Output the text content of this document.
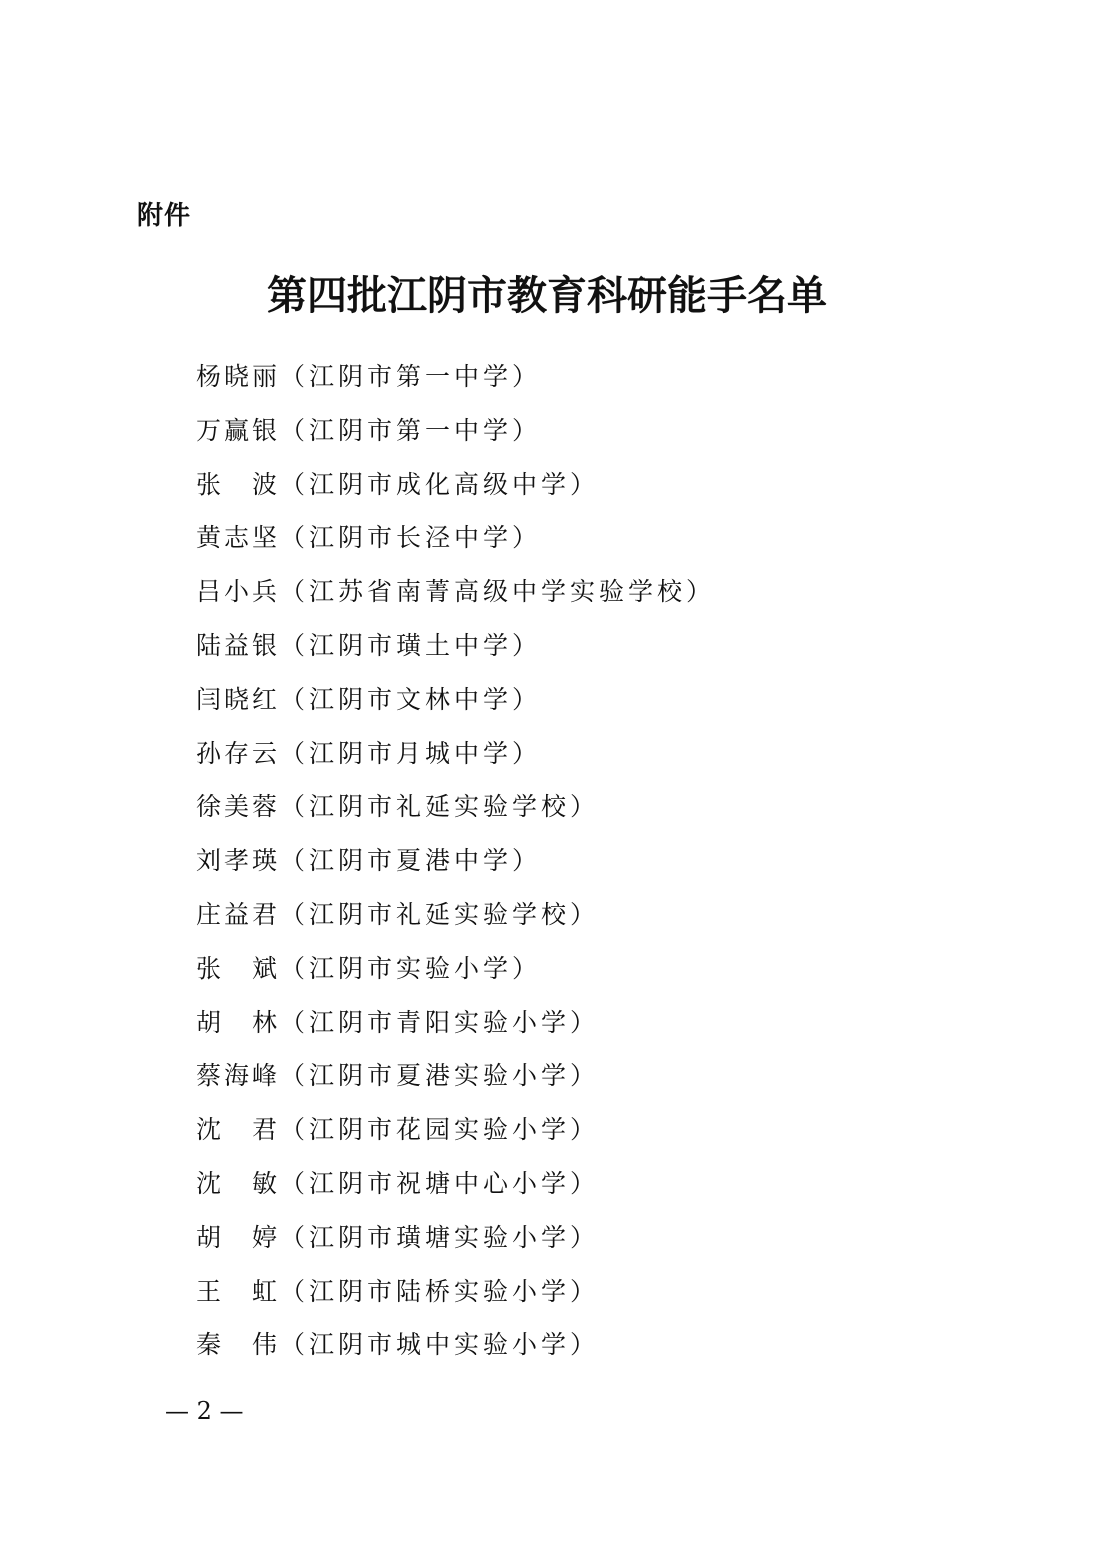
附件
第四批江阴市教育科研能手名单
杨晓丽（江阴市第一中学）
万赢银（江阴市第一中学）
张　波（江阴市成化高级中学）
黄志坚（江阴市长泾中学）
吕小兵（江苏省南菁高级中学实验学校）
陆益银（江阴市璜土中学）
闫晓红（江阴市文林中学）
孙存云（江阴市月城中学）
徐美蓉（江阴市礼延实验学校）
刘孝瑛（江阴市夏港中学）
庄益君（江阴市礼延实验学校）
张　斌（江阴市实验小学）
胡　林（江阴市青阳实验小学）
蔡海峰（江阴市夏港实验小学）
沈　君（江阴市花园实验小学）
沈　敏（江阴市祝塘中心小学）
胡　婷（江阴市璜塘实验小学）
王　虹（江阴市陆桥实验小学）
秦　伟（江阴市城中实验小学）
— 2 —
